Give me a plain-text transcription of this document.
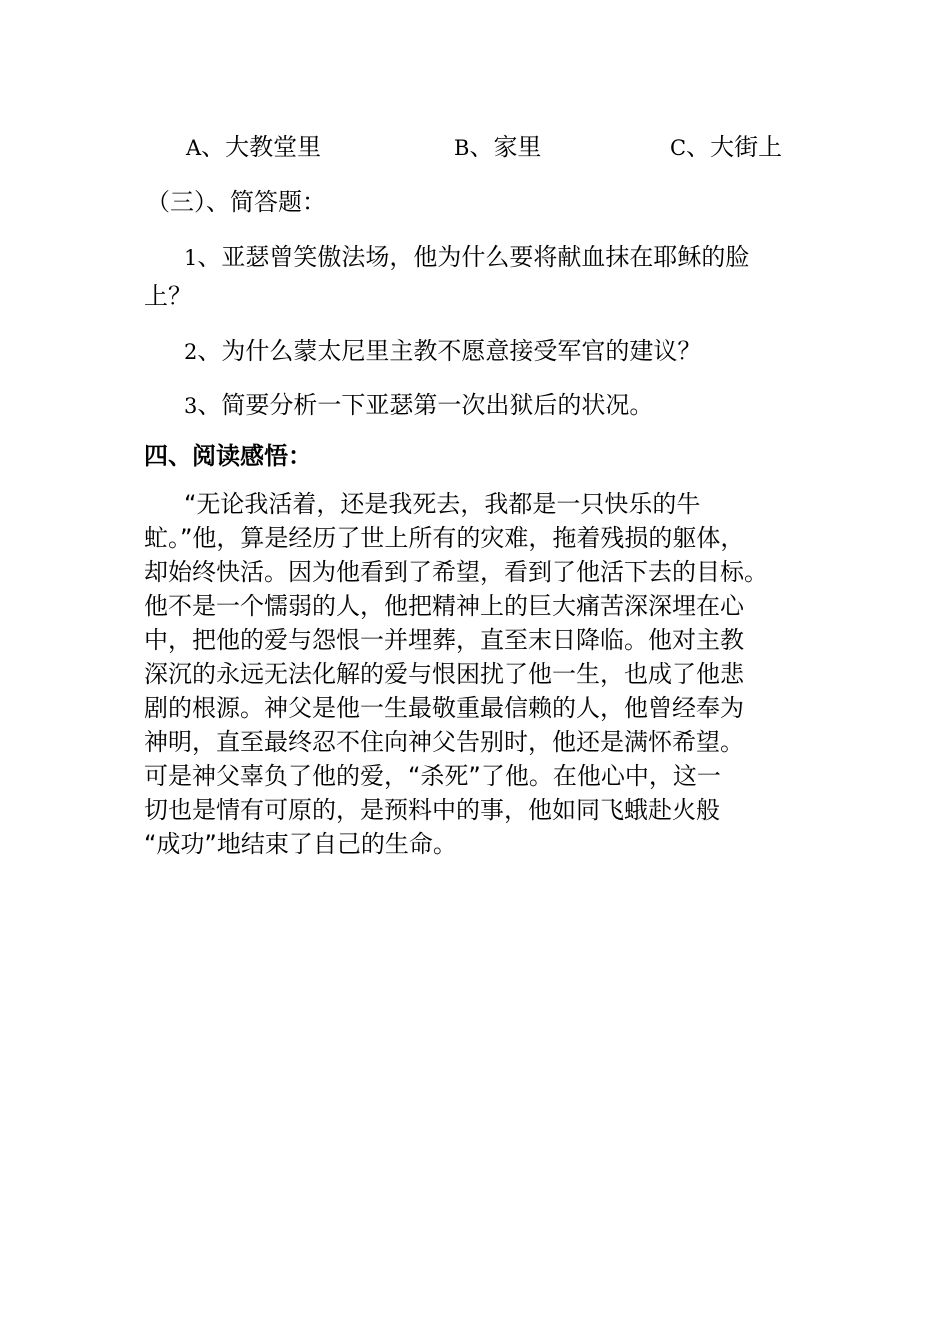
A、大教堂里	B、家里	C、大街上
（三）、简答题：
1、亚瑟曾笑傲法场，他为什么要将献血抹在耶稣的脸
上？
2、为什么蒙太尼里主教不愿意接受军官的建议？
3、简要分析一下亚瑟第一次出狱后的状况。
四、阅读感悟：
“无论我活着，还是我死去，我都是一只快乐的牛
虻。”他，算是经历了世上所有的灾难，拖着残损的躯体，
却始终快活。因为他看到了希望，看到了他活下去的目标。
他不是一个懦弱的人，他把精神上的巨大痛苦深深埋在心
中，把他的爱与怨恨一并埋葬，直至末日降临。他对主教
深沉的永远无法化解的爱与恨困扰了他一生，也成了他悲
剧的根源。神父是他一生最敬重最信赖的人，他曾经奉为
神明，直至最终忍不住向神父告别时，他还是满怀希望。
可是神父辜负了他的爱，“杀死”了他。在他心中，这一
切也是情有可原的，是预料中的事，他如同飞蛾赴火般
“成功”地结束了自己的生命。
